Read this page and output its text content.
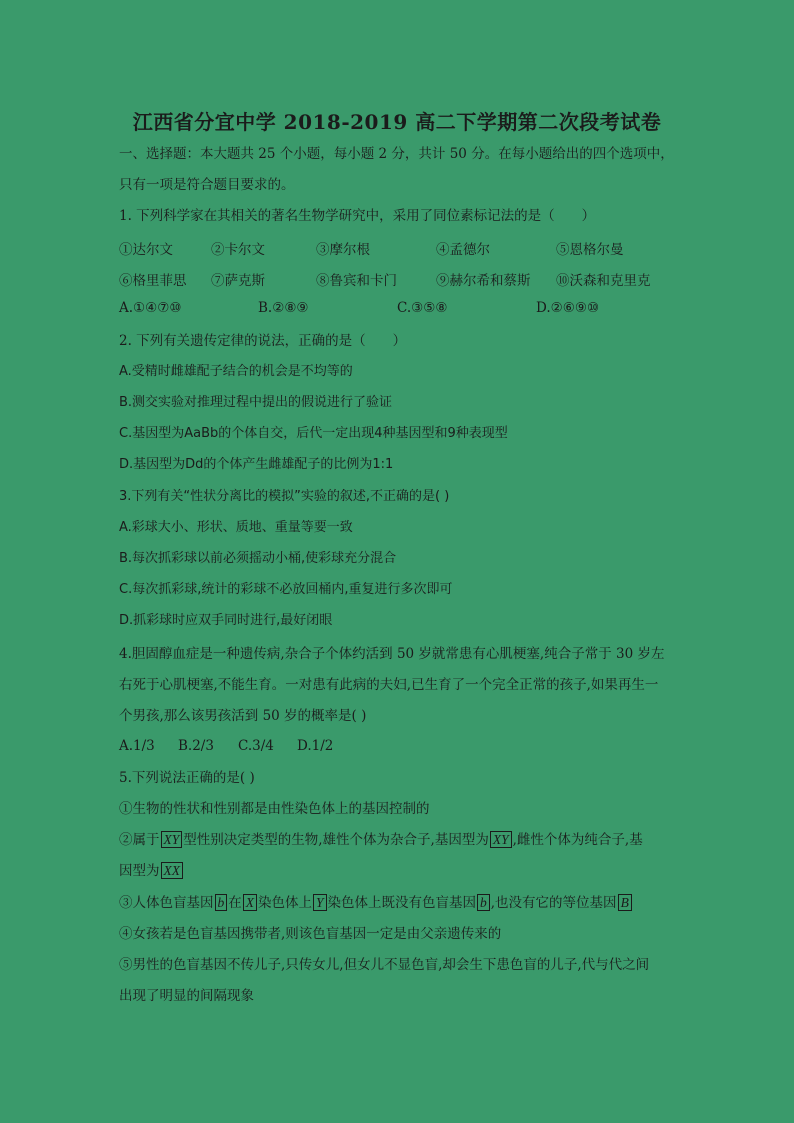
江西省分宜中学 2018-2019 高二下学期第二次段考试卷
一、选择题：本大题共 25 个小题，每小题 2 分，共计 50 分。在每小题给出的四个选项中，
只有一项是符合题目要求的。
1. 下列科学家在其相关的著名生物学研究中，采用了同位素标记法的是（　　）
①达尔文	②卡尔文	③摩尔根	④孟德尔	⑤恩格尔曼
⑥格里菲思 ⑦萨克斯	⑧鲁宾和卡门	⑨赫尔希和蔡斯 ⑩沃森和克里克
A.①④⑦⑩	B.②⑧⑨	C.③⑤⑧	D.②⑥⑨⑩
2. 下列有关遗传定律的说法，正确的是（　　）
A.受精时雌雄配子结合的机会是不均等的
B.测交实验对推理过程中提出的假说进行了验证
C.基因型为AaBb的个体自交，后代一定出现4种基因型和9种表现型
D.基因型为Dd的个体产生雌雄配子的比例为1:1
3.下列有关“性状分离比的模拟”实验的叙述,不正确的是( )
A.彩球大小、形状、质地、重量等要一致
B.每次抓彩球以前必须摇动小桶,使彩球充分混合
C.每次抓彩球,统计的彩球不必放回桶内,重复进行多次即可
D.抓彩球时应双手同时进行,最好闭眼
4.胆固醇血症是一种遗传病,杂合子个体约活到 50 岁就常患有心肌梗塞,纯合子常于 30 岁左
右死于心肌梗塞,不能生育。一对患有此病的夫妇,已生育了一个完全正常的孩子,如果再生一
个男孩,那么该男孩活到 50 岁的概率是( )
A.1/3 B.2/3 C.3/4 D.1/2
5.下列说法正确的是( )
①生物的性状和性别都是由性染色体上的基因控制的
②属于 XY 型性别决定类型的生物,雄性个体为杂合子,基因型为 XY ,雌性个体为纯合子,基
因型为 XX
③人体色盲基因 b 在 X 染色体上 Y 染色体上既没有色盲基因 b ,也没有它的等位基因 B
④女孩若是色盲基因携带者,则该色盲基因一定是由父亲遗传来的
⑤男性的色盲基因不传儿子,只传女儿,但女儿不显色盲,却会生下患色盲的儿子,代与代之间
出现了明显的间隔现象
